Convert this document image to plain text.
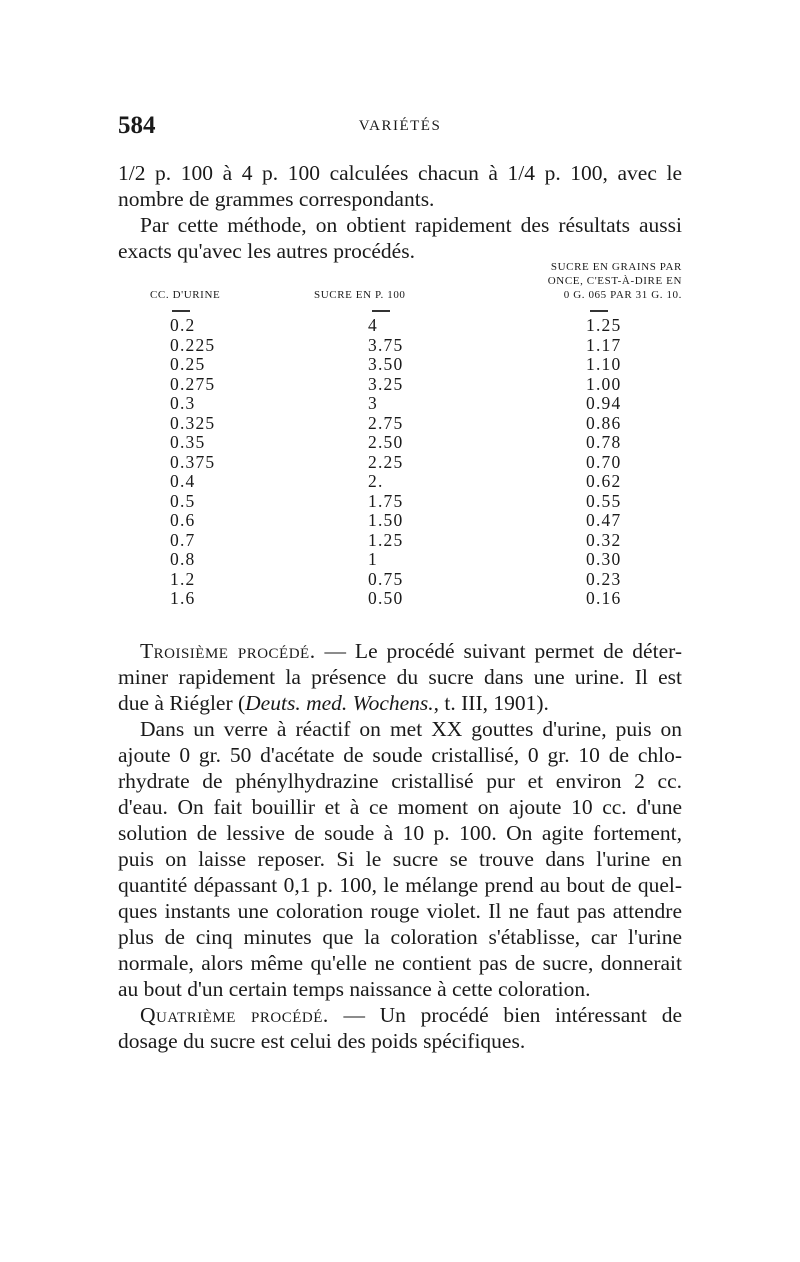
584	VARIÉTÉS
1/2 p. 100 à 4 p. 100 calculées chacun à 1/4 p. 100, avec le
nombre de grammes correspondants.
Par cette méthode, on obtient rapidement des résultats aussi
exacts qu'avec les autres procédés.
CC. D'URINE	SUCRE EN P. 100
SUCRE EN GRAINS PAR
ONCE, C'EST-À-DIRE EN
0 G. 065 PAR 31 G. 10.
0.2	4	1.25
0.225	3.75	1.17
0.25	3.50	1.10
0.275	3.25	1.00
0.3	3	0.94
0.325	2.75	0.86
0.35	2.50	0.78
0.375	2.25	0.70
0.4	2.	0.62
0.5	1.75	0.55
0.6	1.50	0.47
0.7	1.25	0.32
0.8	1	0.30
1.2	0.75	0.23
1.6	0.50	0.16
Troisième procédé. — Le procédé suivant permet de déter-
miner rapidement la présence du sucre dans une urine. Il est
due à Riégler (Deuts. med. Wochens., t. III, 1901).
Dans un verre à réactif on met XX gouttes d'urine, puis on
ajoute 0 gr. 50 d'acétate de soude cristallisé, 0 gr. 10 de chlo-
rhydrate de phénylhydrazine cristallisé pur et environ 2 cc.
d'eau. On fait bouillir et à ce moment on ajoute 10 cc. d'une
solution de lessive de soude à 10 p. 100. On agite fortement,
puis on laisse reposer. Si le sucre se trouve dans l'urine en
quantité dépassant 0,1 p. 100, le mélange prend au bout de quel-
ques instants une coloration rouge violet. Il ne faut pas attendre
plus de cinq minutes que la coloration s'établisse, car l'urine
normale, alors même qu'elle ne contient pas de sucre, donnerait
au bout d'un certain temps naissance à cette coloration.
Quatrième procédé. — Un procédé bien intéressant de
dosage du sucre est celui des poids spécifiques.
